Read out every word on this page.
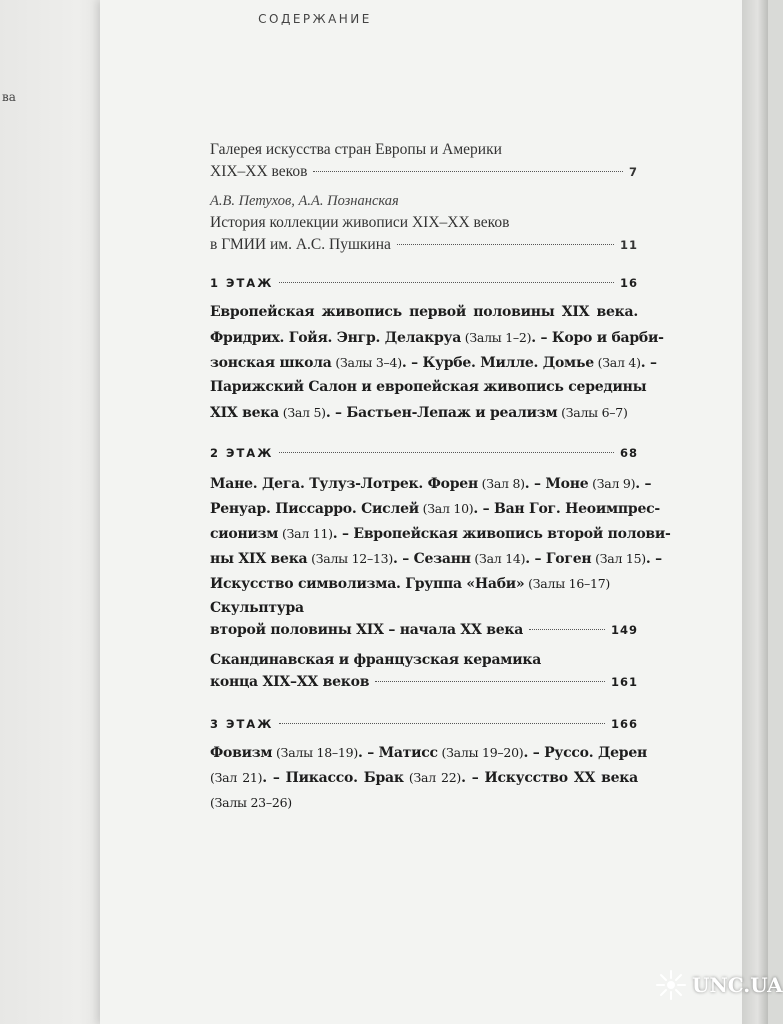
ва
СОДЕРЖАНИЕ
Галерея искусства стран Европы и Америки
XIX–XX веков	7
А.В. Петухов, А.А. Познанская
История коллекции живописи XIX–XX веков
в ГМИИ им. А.С. Пушкина	11
1 ЭТАЖ	16
Европейская живопись первой половины XIX века.
Фридрих. Гойя. Энгр. Делакруа (Залы 1–2). – Коро и барби-
зонская школа (Залы 3–4). – Курбе. Милле. Домье (Зал 4). –
Парижский Салон и европейская живопись середины
XIX века (Зал 5). – Бастьен-Лепаж и реализм (Залы 6–7)
2 ЭТАЖ	68
Мане. Дега. Тулуз-Лотрек. Форен (Зал 8). – Моне (Зал 9). –
Ренуар. Писсарро. Сислей (Зал 10). – Ван Гог. Неоимпрес-
сионизм (Зал 11). – Европейская живопись второй полови-
ны XIX века (Залы 12–13). – Сезанн (Зал 14). – Гоген (Зал 15). –
Искусство символизма. Группа «Наби» (Залы 16–17)
Скульптура
второй половины XIX – начала XX века	149
Скандинавская и французская керамика
конца XIX–XX веков	161
3 ЭТАЖ	166
Фовизм (Залы 18–19). – Матисс (Залы 19–20). – Руссо. Дерен
(Зал 21). – Пикассо. Брак (Зал 22). – Искусство XX века
(Залы 23–26)
UNC.UA
